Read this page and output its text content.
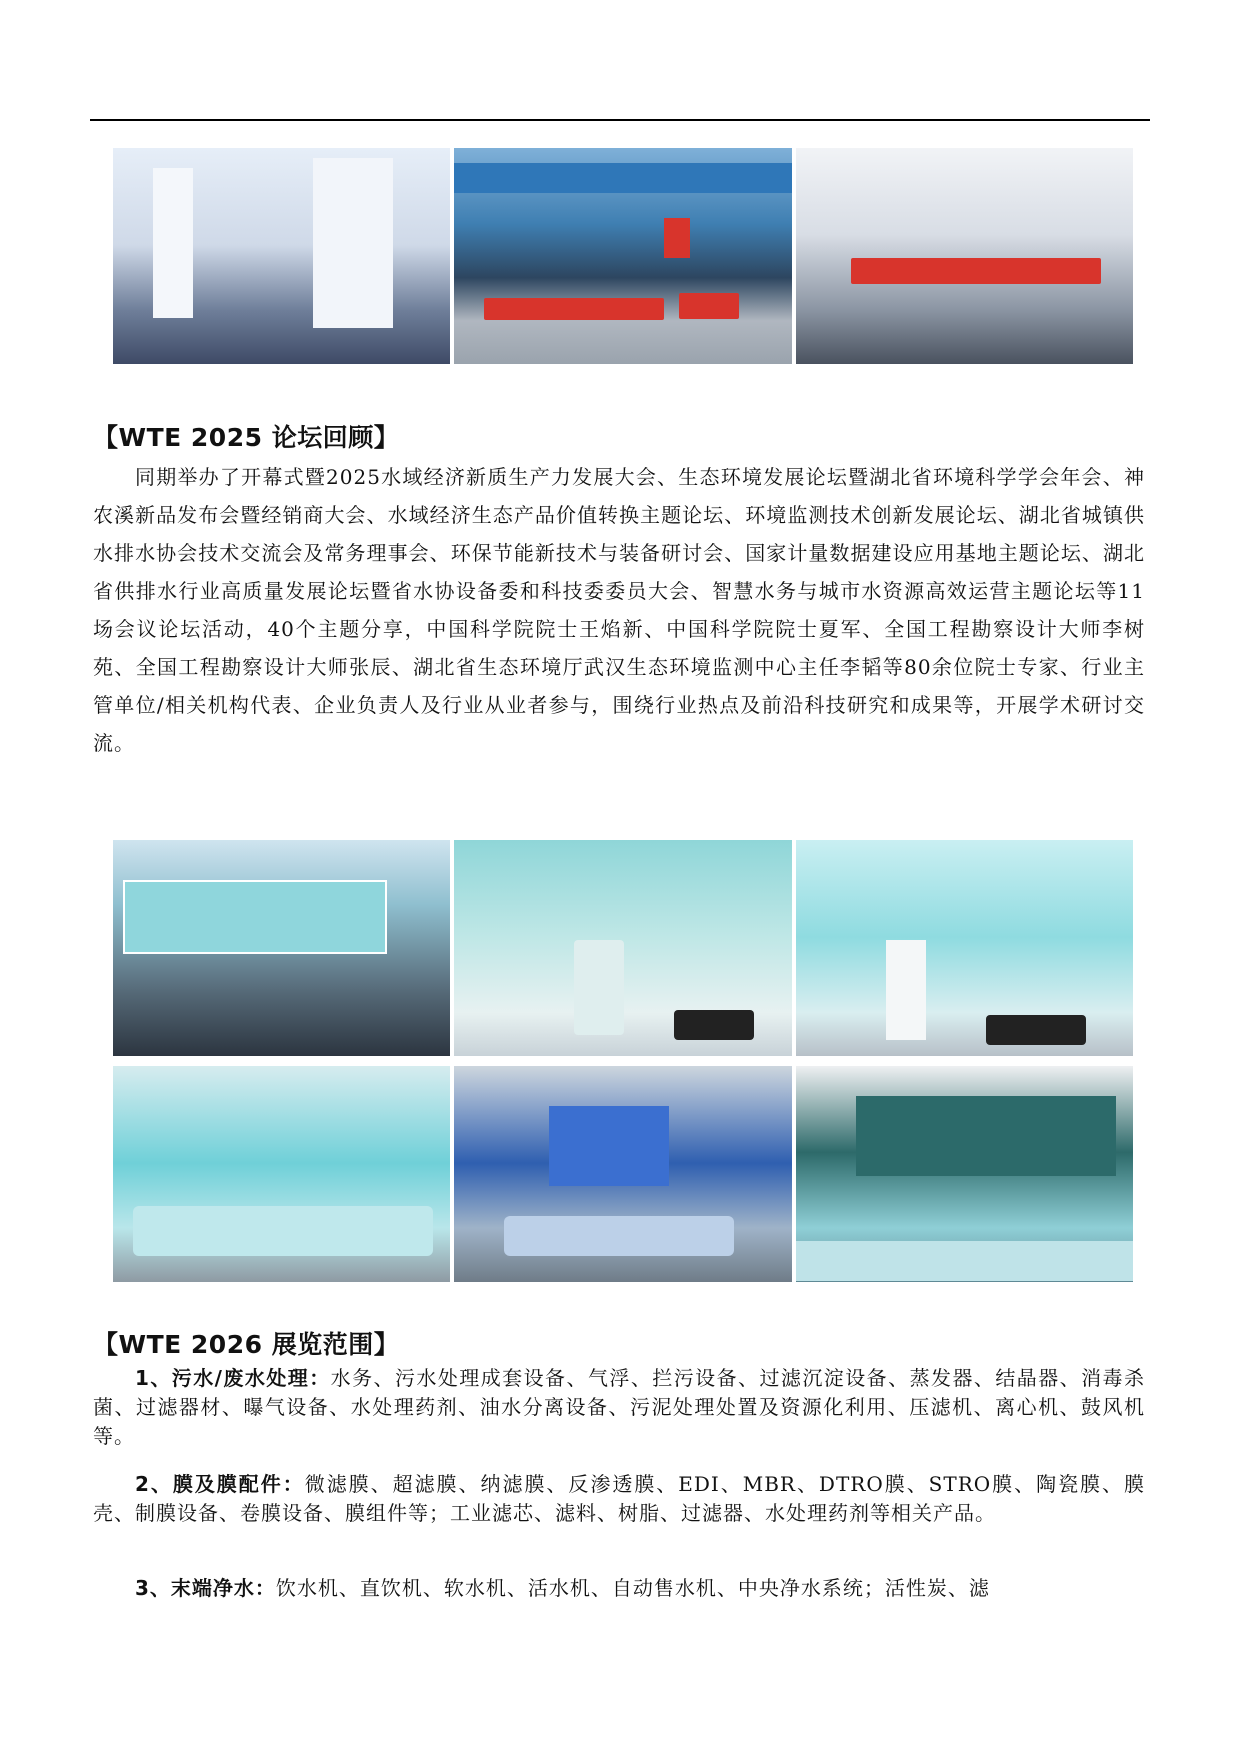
【WTE 2025 论坛回顾】
同期举办了开幕式暨2025水域经济新质生产力发展大会、生态环境发展论坛暨湖北省环境科学学会年会、神农溪新品发布会暨经销商大会、水域经济生态产品价值转换主题论坛、环境监测技术创新发展论坛、湖北省城镇供水排水协会技术交流会及常务理事会、环保节能新技术与装备研讨会、国家计量数据建设应用基地主题论坛、湖北省供排水行业高质量发展论坛暨省水协设备委和科技委委员大会、智慧水务与城市水资源高效运营主题论坛等11场会议论坛活动，40个主题分享，中国科学院院士王焰新、中国科学院院士夏军、全国工程勘察设计大师李树苑、全国工程勘察设计大师张辰、湖北省生态环境厅武汉生态环境监测中心主任李韬等80余位院士专家、行业主管单位/相关机构代表、企业负责人及行业从业者参与，围绕行业热点及前沿科技研究和成果等，开展学术研讨交流。
【WTE 2026 展览范围】
1、污水/废水处理：水务、污水处理成套设备、气浮、拦污设备、过滤沉淀设备、蒸发器、结晶器、消毒杀菌、过滤器材、曝气设备、水处理药剂、油水分离设备、污泥处理处置及资源化利用、压滤机、离心机、鼓风机等。
2、膜及膜配件：微滤膜、超滤膜、纳滤膜、反渗透膜、EDI、MBR、DTRO膜、STRO膜、陶瓷膜、膜壳、制膜设备、卷膜设备、膜组件等；工业滤芯、滤料、树脂、过滤器、水处理药剂等相关产品。
3、末端净水：饮水机、直饮机、软水机、活水机、自动售水机、中央净水系统；活性炭、滤
